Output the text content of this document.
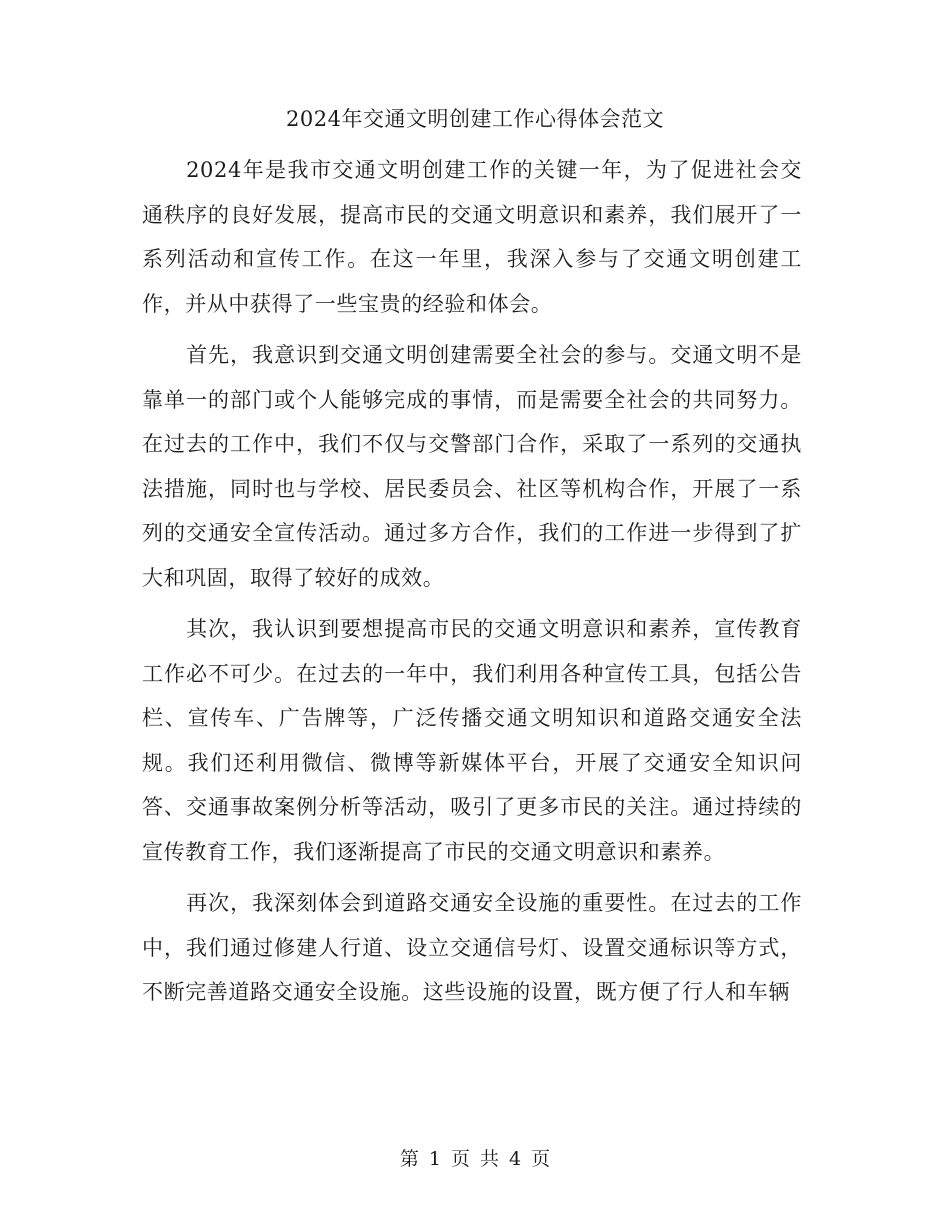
2024年交通文明创建工作心得体会范文

2024年是我市交通文明创建工作的关键一年，为了促进社会交通秩序的良好发展，提高市民的交通文明意识和素养，我们展开了一系列活动和宣传工作。在这一年里，我深入参与了交通文明创建工作，并从中获得了一些宝贵的经验和体会。

首先，我意识到交通文明创建需要全社会的参与。交通文明不是靠单一的部门或个人能够完成的事情，而是需要全社会的共同努力。在过去的工作中，我们不仅与交警部门合作，采取了一系列的交通执法措施，同时也与学校、居民委员会、社区等机构合作，开展了一系列的交通安全宣传活动。通过多方合作，我们的工作进一步得到了扩大和巩固，取得了较好的成效。

其次，我认识到要想提高市民的交通文明意识和素养，宣传教育工作必不可少。在过去的一年中，我们利用各种宣传工具，包括公告栏、宣传车、广告牌等，广泛传播交通文明知识和道路交通安全法规。我们还利用微信、微博等新媒体平台，开展了交通安全知识问答、交通事故案例分析等活动，吸引了更多市民的关注。通过持续的宣传教育工作，我们逐渐提高了市民的交通文明意识和素养。

再次，我深刻体会到道路交通安全设施的重要性。在过去的工作中，我们通过修建人行道、设立交通信号灯、设置交通标识等方式，不断完善道路交通安全设施。这些设施的设置，既方便了行人和车辆

第 1 页 共 4 页
